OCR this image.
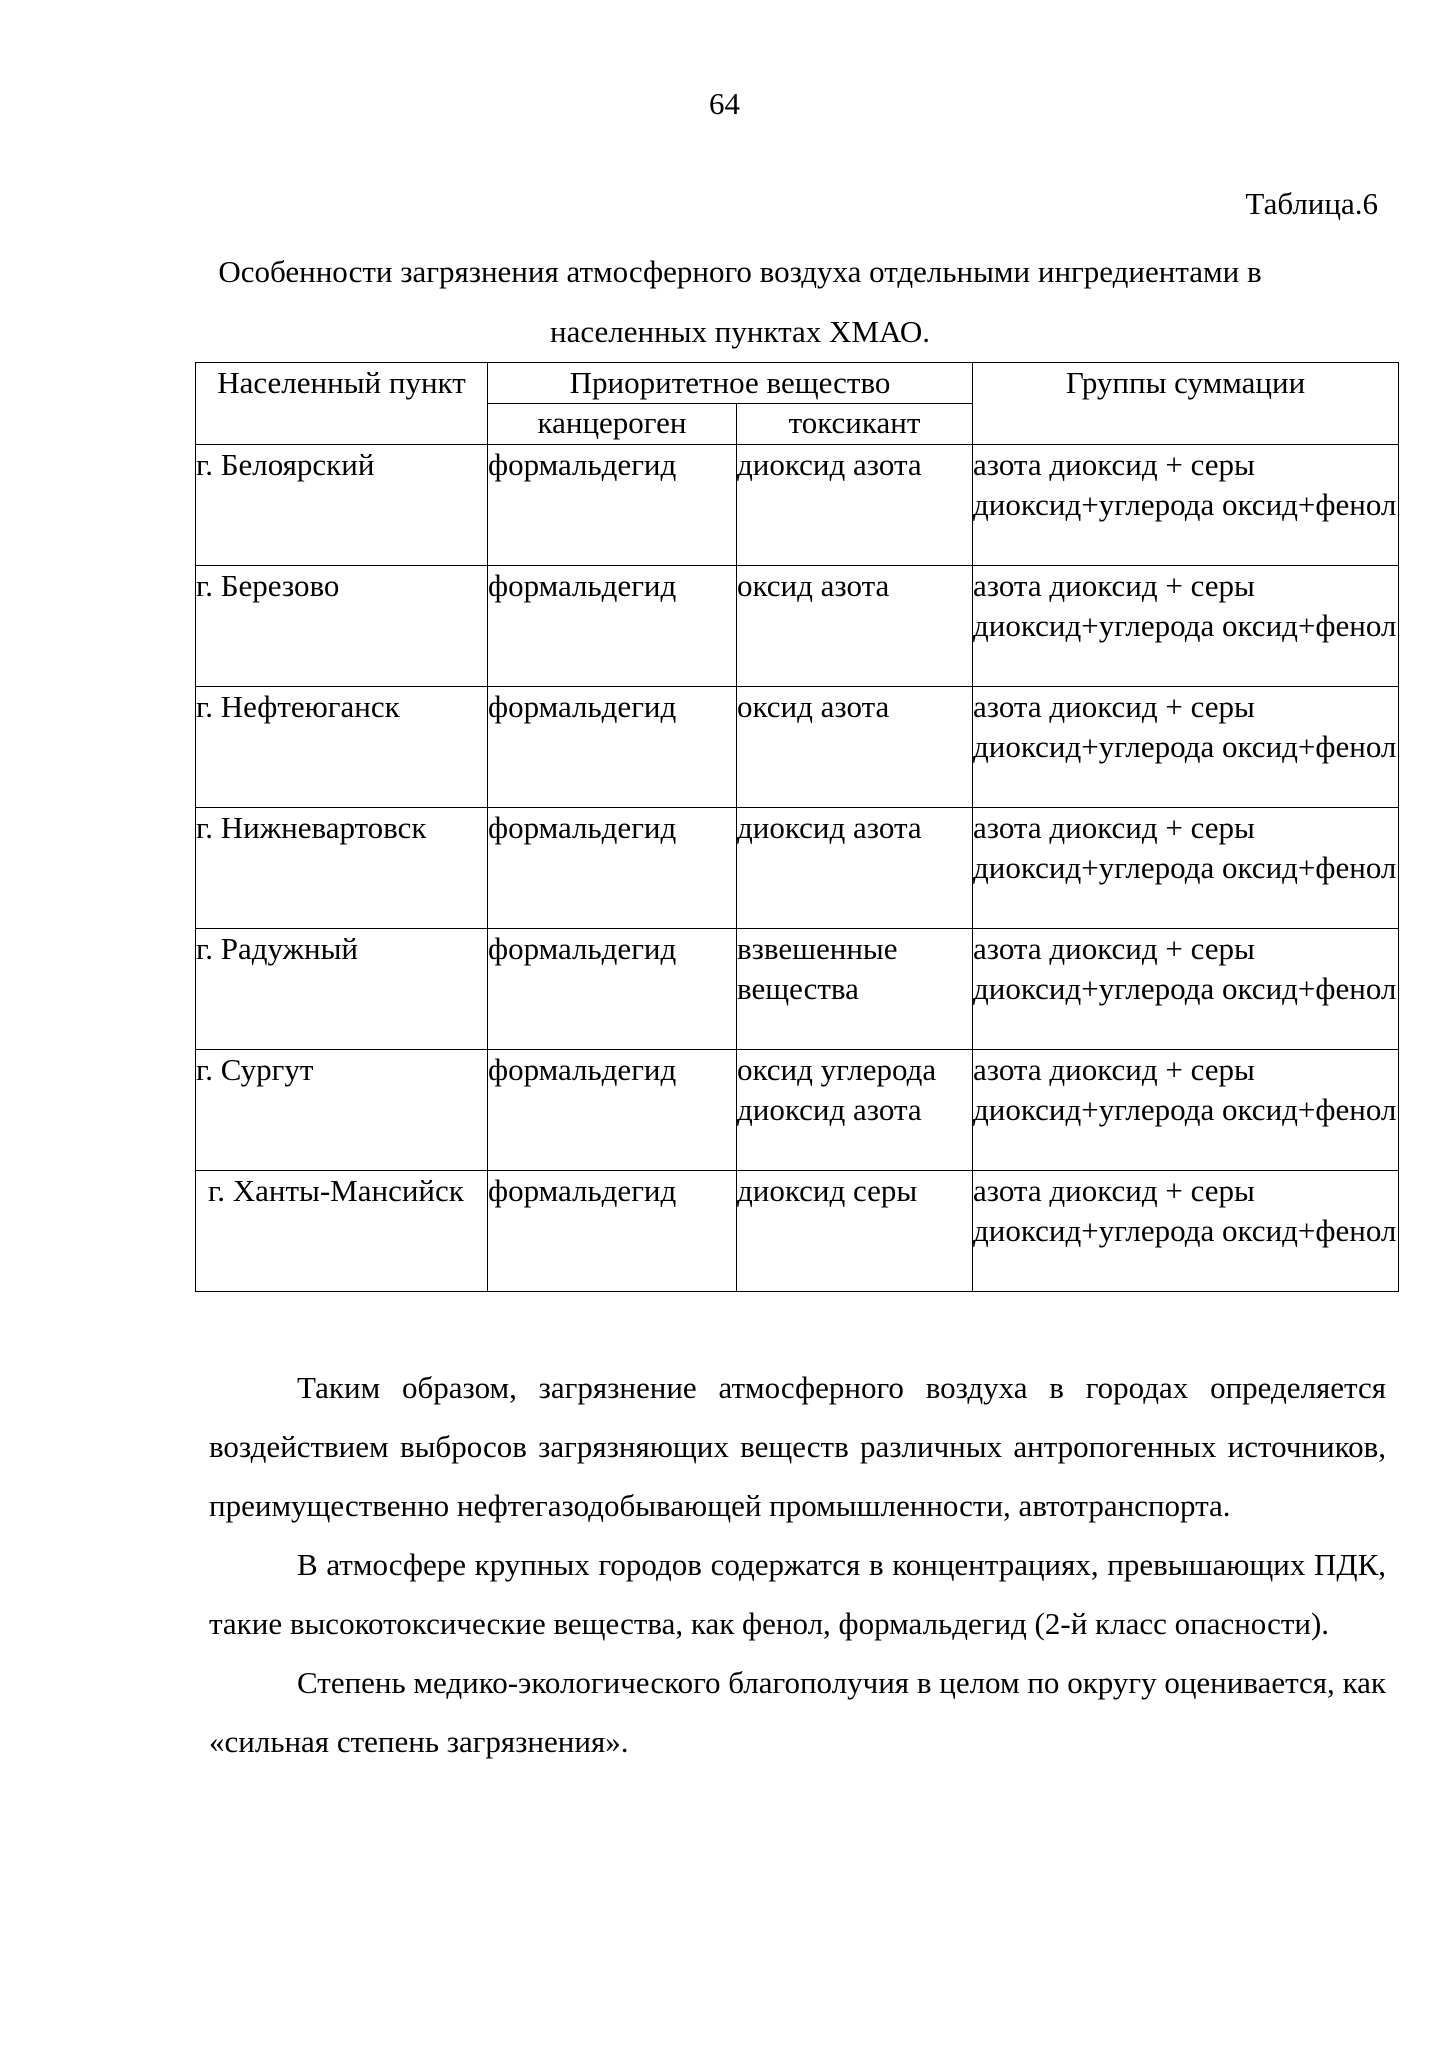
64
Таблица.6
Особенности загрязнения атмосферного воздуха отдельными ингредиентами в населенных пунктах ХМАО.
Населенный пункт	Приоритетное вещество		Группы суммации
	канцероген	токсикант	
г. Белоярский	формальдегид	диоксид азота	азота диоксид + серы диоксид+углерода оксид+фенол
г. Березово	формальдегид	оксид азота	азота диоксид + серы диоксид+углерода оксид+фенол
г. Нефтеюганск	формальдегид	оксид азота	азота диоксид + серы диоксид+углерода оксид+фенол
г. Нижневартовск	формальдегид	диоксид азота	азота диоксид + серы диоксид+углерода оксид+фенол
г. Радужный	формальдегид	взвешенные вещества	азота диоксид + серы диоксид+углерода оксид+фенол
г. Сургут	формальдегид	оксид углерода диоксид азота	азота диоксид + серы диоксид+углерода оксид+фенол
г. Ханты-Мансийск	формальдегид	диоксид серы	азота диоксид + серы диоксид+углерода оксид+фенол

Таким образом, загрязнение атмосферного воздуха в городах определяется воздействием выбросов загрязняющих веществ различных антропогенных источников, преимущественно нефтегазодобывающей промышленности, автотранспорта.

В атмосфере крупных городов содержатся в концентрациях, превышающих ПДК, такие высокотоксические вещества, как фенол, формальдегид (2-й класс опасности).

Степень медико-экологического благополучия в целом по округу оценивается, как «сильная степень загрязнения».
